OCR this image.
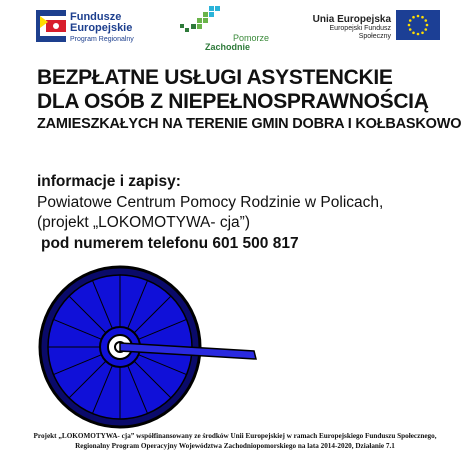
Fundusze
Europejskie
Program Regionalny	Pomorze
Zachodnie
Unia Europejska
Europejski Fundusz Społeczny
BEZPŁATNE USŁUGI ASYSTENCKIE
DLA OSÓB Z NIEPEŁNOSPRAWNOŚCIĄ
ZAMIESZKAŁYCH NA TERENIE GMIN DOBRA I KOŁBASKOWO
informacje i zapisy:
Powiatowe Centrum Pomocy Rodzinie w Policach,
(projekt „LOKOMOTYWA- cja”)
pod numerem telefonu 601 500 817
Projekt „LOKOMOTYWA- cja” współfinansowany ze środków Unii Europejskiej w ramach Europejskiego Funduszu Społecznego,
Regionalny Program Operacyjny Województwa Zachodniopomorskiego na lata 2014-2020, Działanie 7.1
